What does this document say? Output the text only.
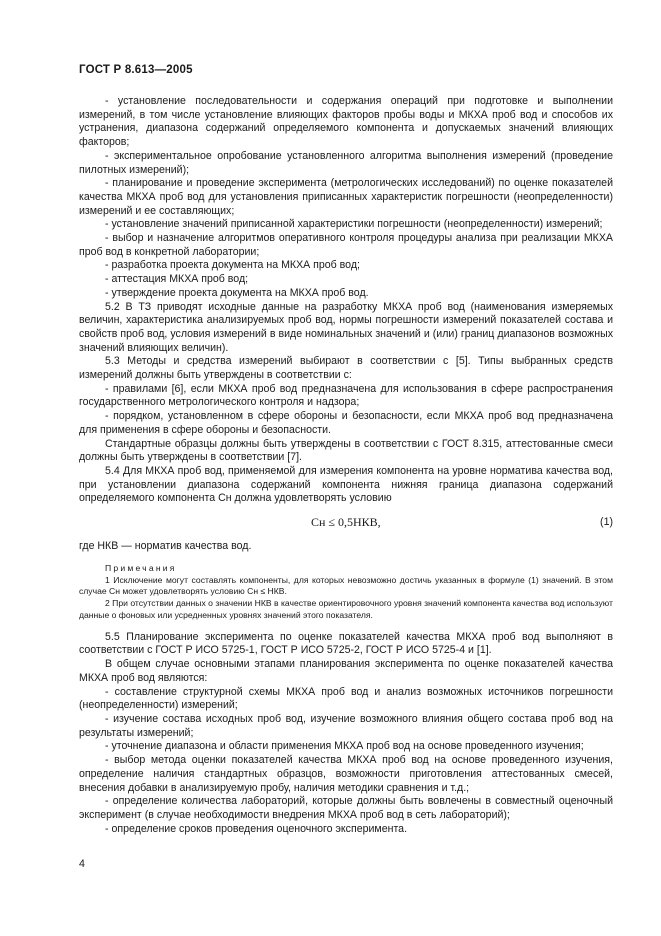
ГОСТ Р 8.613—2005

- установление последовательности и содержания операций при подготовке и выполнении измерений, в том числе установление влияющих факторов пробы воды и МКХА проб вод и способов их устранения, диапазона содержаний определяемого компонента и допускаемых значений влияющих факторов;

- экспериментальное опробование установленного алгоритма выполнения измерений (проведение пилотных измерений);

- планирование и проведение эксперимента (метрологических исследований) по оценке показателей качества МКХА проб вод для установления приписанных характеристик погрешности (неопределенности) измерений и ее составляющих;

- установление значений приписанной характеристики погрешности (неопределенности) измерений;

- выбор и назначение алгоритмов оперативного контроля процедуры анализа при реализации МКХА проб вод в конкретной лаборатории;

- разработка проекта документа на МКХА проб вод;

- аттестация МКХА проб вод;

- утверждение проекта документа на МКХА проб вод.

5.2 В ТЗ приводят исходные данные на разработку МКХА проб вод (наименования измеряемых величин, характеристика анализируемых проб вод, нормы погрешности измерений показателей состава и свойств проб вод, условия измерений в виде номинальных значений и (или) границ диапазонов возможных значений влияющих величин).

5.3 Методы и средства измерений выбирают в соответствии с [5]. Типы выбранных средств измерений должны быть утверждены в соответствии с:

- правилами [6], если МКХА проб вод предназначена для использования в сфере распространения государственного метрологического контроля и надзора;

- порядком, установленном в сфере обороны и безопасности, если МКХА проб вод предназначена для применения в сфере обороны и безопасности.

Стандартные образцы должны быть утверждены в соответствии с ГОСТ 8.315, аттестованные смеси должны быть утверждены в соответствии [7].

5.4 Для МКХА проб вод, применяемой для измерения компонента на уровне норматива качества вод, при установлении диапазона содержаний компонента нижняя граница диапазона содержаний определяемого компонента Сн должна удовлетворять условию

Сн ≤ 0,5НКВ,	(1)

где НКВ — норматив качества вод.

Примечания

1 Исключение могут составлять компоненты, для которых невозможно достичь указанных в формуле (1) значений. В этом случае Сн может удовлетворять условию Сн ≤ НКВ.

2 При отсутствии данных о значении НКВ в качестве ориентировочного уровня значений компонента качества вод используют данные о фоновых или усредненных уровнях значений этого показателя.

5.5 Планирование эксперимента по оценке показателей качества МКХА проб вод выполняют в соответствии с ГОСТ Р ИСО 5725-1, ГОСТ Р ИСО 5725-2, ГОСТ Р ИСО 5725-4 и [1].

В общем случае основными этапами планирования эксперимента по оценке показателей качества МКХА проб вод являются:

- составление структурной схемы МКХА проб вод и анализ возможных источников погрешности (неопределенности) измерений;

- изучение состава исходных проб вод, изучение возможного влияния общего состава проб вод на результаты измерений;

- уточнение диапазона и области применения МКХА проб вод на основе проведенного изучения;

- выбор метода оценки показателей качества МКХА проб вод на основе проведенного изучения, определение наличия стандартных образцов, возможности приготовления аттестованных смесей, внесения добавки в анализируемую пробу, наличия методики сравнения и т.д.;

- определение количества лабораторий, которые должны быть вовлечены в совместный оценочный эксперимент (в случае необходимости внедрения МКХА проб вод в сеть лабораторий);

- определение сроков проведения оценочного эксперимента.

4
